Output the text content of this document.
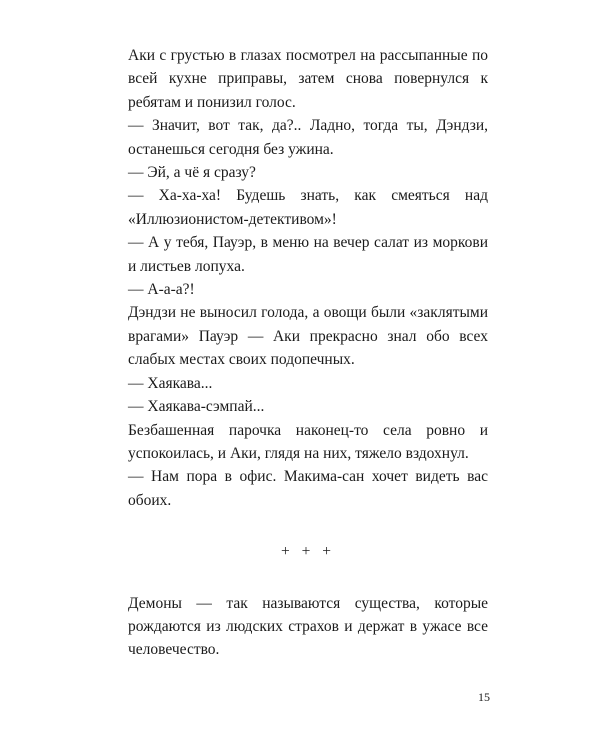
Аки с грустью в глазах посмотрел на рассыпанные по всей кухне приправы, затем снова повернулся к ребятам и понизил голос.

— Значит, вот так, да?.. Ладно, тогда ты, Дэндзи, останешься сегодня без ужина.

— Эй, а чё я сразу?

— Ха-ха-ха! Будешь знать, как смеяться над «Иллюзионистом-детективом»!

— А у тебя, Пауэр, в меню на вечер салат из моркови и листьев лопуха.

— А-а-а?!

Дэндзи не выносил голода, а овощи были «заклятыми врагами» Пауэр — Аки прекрасно знал обо всех слабых местах своих подопечных.

— Хаякава...

— Хаякава-сэмпай...

Безбашенная парочка наконец-то села ровно и успокоилась, и Аки, глядя на них, тяжело вздохнул.

— Нам пора в офис. Макима-сан хочет видеть вас обоих.

+ + +

Демоны — так называются существа, которые рождаются из людских страхов и держат в ужасе все человечество.

15
